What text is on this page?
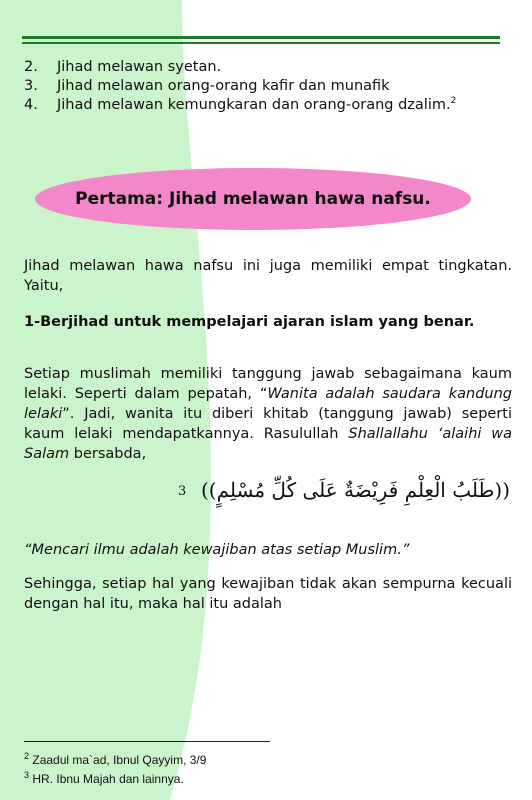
2.	Jihad melawan syetan.
3.	Jihad melawan orang-orang kafir dan munafik
4.	Jihad melawan kemungkaran dan orang-orang dzalim.$^2$
Pertama: Jihad melawan hawa nafsu.
Jihad melawan hawa nafsu ini juga memiliki empat tingkatan. Yaitu,
1-Berjihad untuk mempelajari ajaran islam yang benar.
Setiap muslimah memiliki tanggung jawab sebagaimana kaum lelaki. Seperti dalam pepatah, “Wanita adalah saudara kandung lelaki”. Jadi, wanita itu diberi khitab (tanggung jawab) seperti kaum lelaki mendapatkannya. Rasulullah Shallallahu ‘alaihi wa Salam bersabda,
3 ((طَلَبُ الْعِلْمِ فَرِيْضَةٌ عَلَى كُلِّ مُسْلِمٍ))
“Mencari ilmu adalah kewajiban atas setiap Muslim.”
Sehingga, setiap hal yang kewajiban tidak akan sempurna kecuali dengan hal itu, maka hal itu adalah
$^2$ Zaadul ma`ad, Ibnul Qayyim, 3/9
$^3$ HR. Ibnu Majah dan lainnya.
